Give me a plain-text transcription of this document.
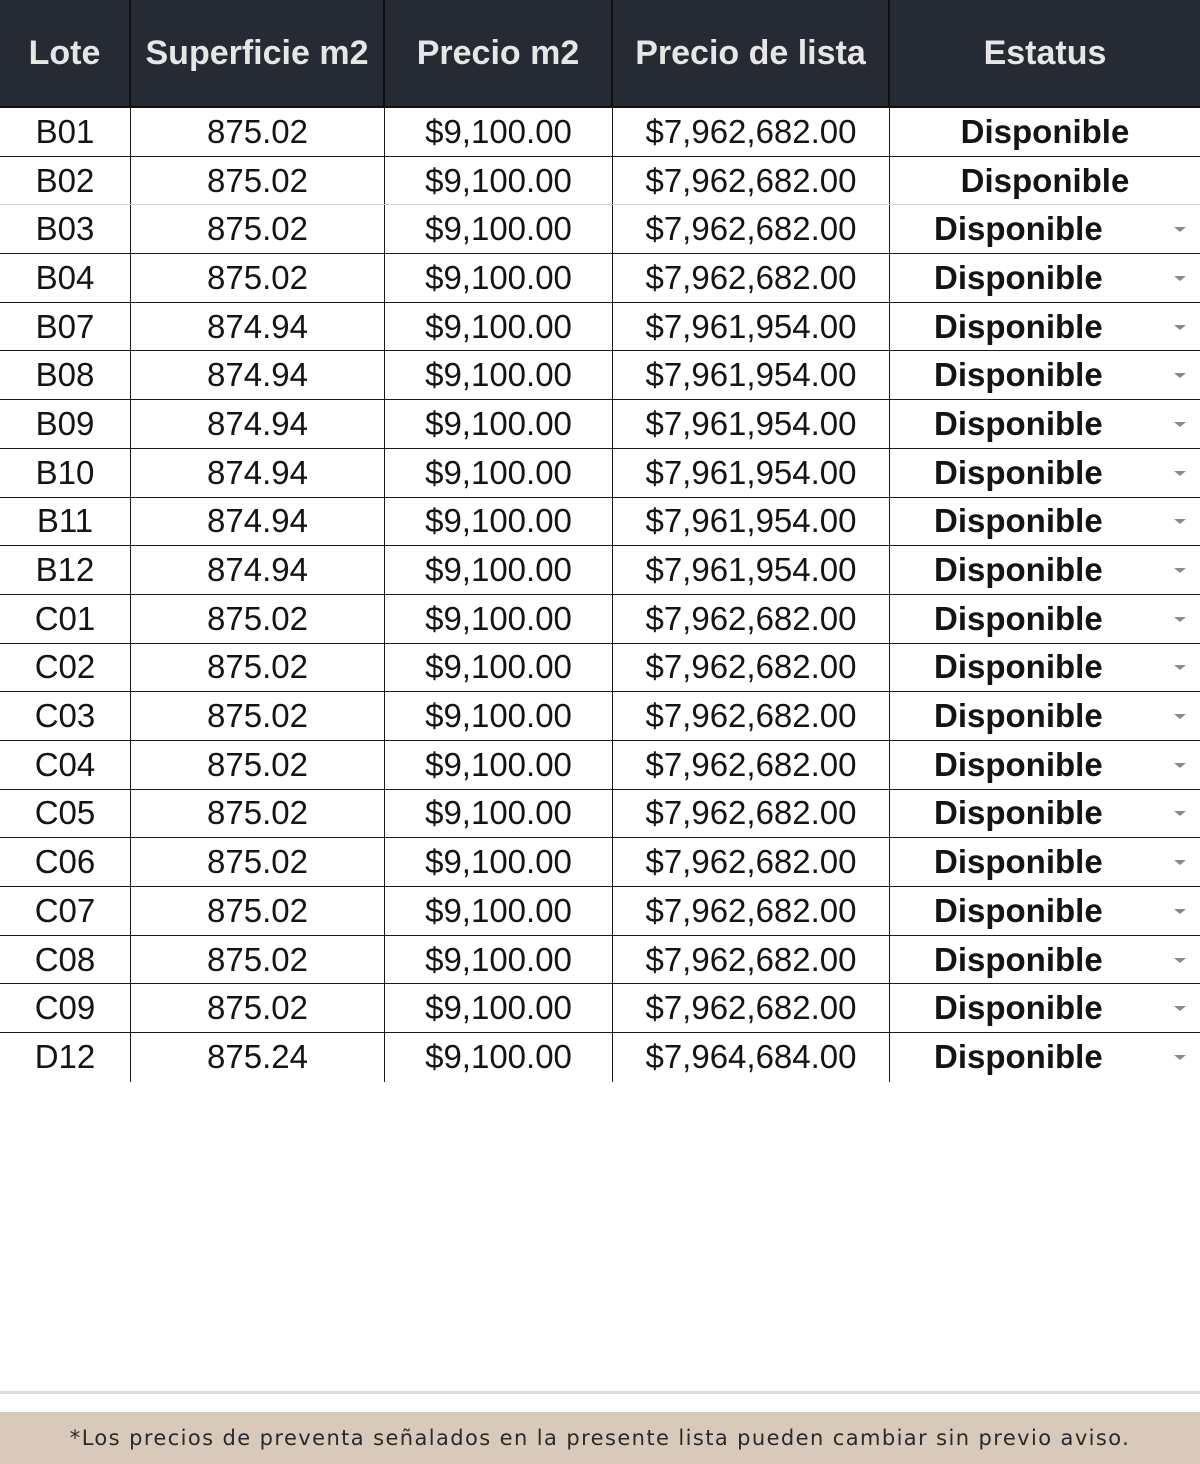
Lote	Superficie m2	Precio m2	Precio de lista	Estatus
B01	875.02	$9,100.00	$7,962,682.00	Disponible
B02	875.02	$9,100.00	$7,962,682.00	Disponible
B03	875.02	$9,100.00	$7,962,682.00	Disponible
B04	875.02	$9,100.00	$7,962,682.00	Disponible
B07	874.94	$9,100.00	$7,961,954.00	Disponible
B08	874.94	$9,100.00	$7,961,954.00	Disponible
B09	874.94	$9,100.00	$7,961,954.00	Disponible
B10	874.94	$9,100.00	$7,961,954.00	Disponible
B11	874.94	$9,100.00	$7,961,954.00	Disponible
B12	874.94	$9,100.00	$7,961,954.00	Disponible
C01	875.02	$9,100.00	$7,962,682.00	Disponible
C02	875.02	$9,100.00	$7,962,682.00	Disponible
C03	875.02	$9,100.00	$7,962,682.00	Disponible
C04	875.02	$9,100.00	$7,962,682.00	Disponible
C05	875.02	$9,100.00	$7,962,682.00	Disponible
C06	875.02	$9,100.00	$7,962,682.00	Disponible
C07	875.02	$9,100.00	$7,962,682.00	Disponible
C08	875.02	$9,100.00	$7,962,682.00	Disponible
C09	875.02	$9,100.00	$7,962,682.00	Disponible
D12	875.24	$9,100.00	$7,964,684.00	Disponible
*Los precios de preventa señalados en la presente lista pueden cambiar sin previo aviso.
